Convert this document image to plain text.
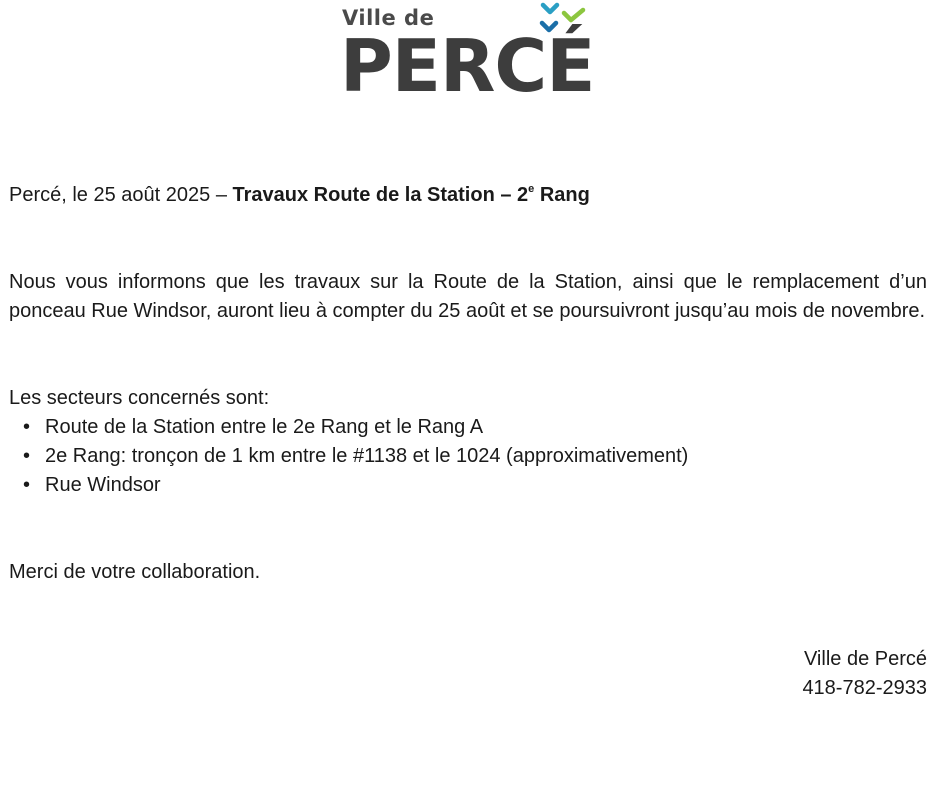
Ville de
PERCÉ
Percé, le 25 août 2025 – Travaux Route de la Station – 2e Rang
Nous vous informons que les travaux sur la Route de la Station, ainsi que le remplacement d’un ponceau Rue Windsor, auront lieu à compter du 25 août et se poursuivront jusqu’au mois de novembre.
Les secteurs concernés sont:
• Route de la Station entre le 2e Rang et le Rang A
• 2e Rang: tronçon de 1 km entre le #1138 et le 1024 (approximativement)
• Rue Windsor
Merci de votre collaboration.
Ville de Percé
418-782-2933
